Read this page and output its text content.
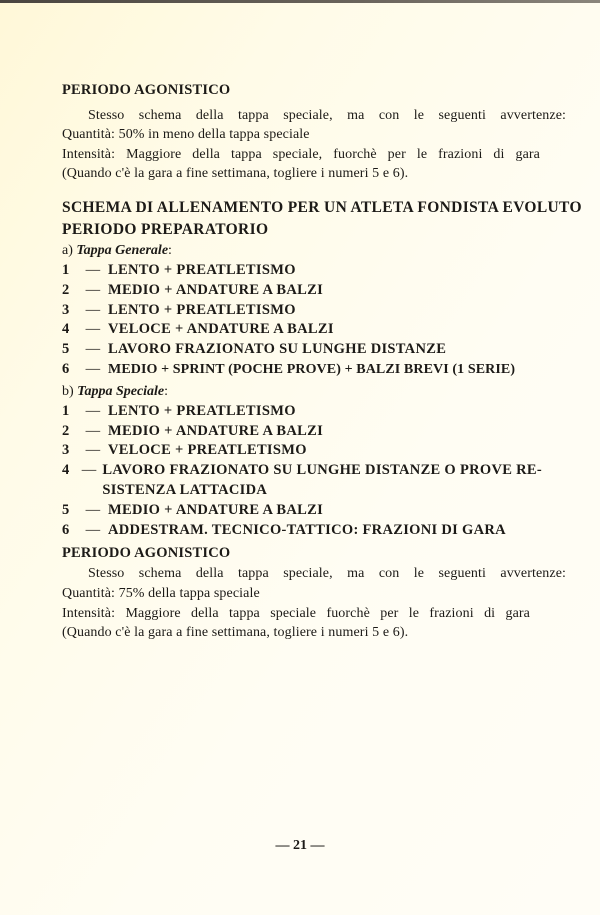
PERIODO AGONISTICO
Stesso schema della tappa speciale, ma con le seguenti avvertenze:
Quantità: 50% in meno della tappa speciale
Intensità: Maggiore della tappa speciale, fuorchè per le frazioni di gara
(Quando c'è la gara a fine settimana, togliere i numeri 5 e 6).
SCHEMA DI ALLENAMENTO PER UN ATLETA FONDISTA EVOLUTO
PERIODO PREPARATORIO
a) Tappa Generale:
1	— LENTO + PREATLETISMO
2	— MEDIO + ANDATURE A BALZI
3	— LENTO + PREATLETISMO
4	— VELOCE + ANDATURE A BALZI
5	— LAVORO FRAZIONATO SU LUNGHE DISTANZE
6	— MEDIO + SPRINT (POCHE PROVE) + BALZI BREVI (1 SERIE)
b) Tappa Speciale:
1	— LENTO + PREATLETISMO
2	— MEDIO + ANDATURE A BALZI
3	— VELOCE + PREATLETISMO
4 — LAVORO FRAZIONATO SU LUNGHE DISTANZE O PROVE RE-
SISTENZA LATTACIDA
5	— MEDIO + ANDATURE A BALZI
6	— ADDESTRAM. TECNICO-TATTICO: FRAZIONI DI GARA
PERIODO AGONISTICO
Stesso schema della tappa speciale, ma con le seguenti avvertenze:
Quantità: 75% della tappa speciale
Intensità: Maggiore della tappa speciale fuorchè per le frazioni di gara
(Quando c'è la gara a fine settimana, togliere i numeri 5 e 6).
— 21 —
